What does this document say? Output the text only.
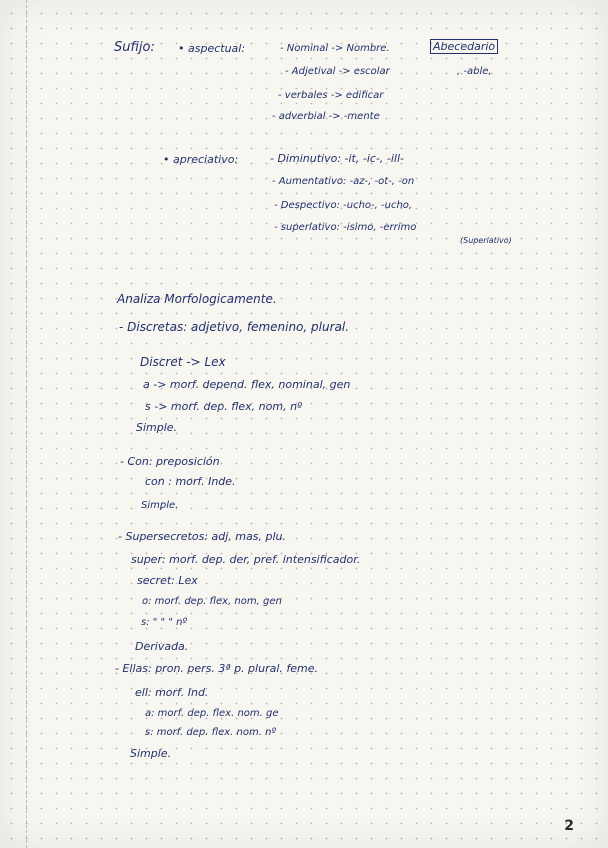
Sufijo: • aspectual:	- Nominal -> Nombre.	Abecedario
- Adjetival -> escolar	, -able,
- verbales -> edificar
- adverbial -> -mente
• apreciativo:	- Diminutivo: -it, -ic-, -ill-
- Aumentativo: -az-, -ot-, -on
- Despectivo: -ucho-, -ucho,
- superlativo: -isimo, -errimo
(Superlativo)
Analiza Morfologicamente.
- Discretas: adjetivo, femenino, plural.
Discret -> Lex
a -> morf. depend. flex, nominal, gen
s -> morf. dep. flex, nom, nº
Simple.
- Con: preposición
con : morf. Inde.
Simple.
- Supersecretos: adj, mas, plu.
super: morf. dep. der, pref. intensificador.
secret: Lex
o: morf. dep. flex, nom, gen
s: " " " nº
Derivada.
- Ellas: pron. pers. 3ª p. plural. feme.
ell: morf. Ind.
a: morf. dep. flex. nom. ge
s: morf. dep. flex. nom. nº
Simple.
2
